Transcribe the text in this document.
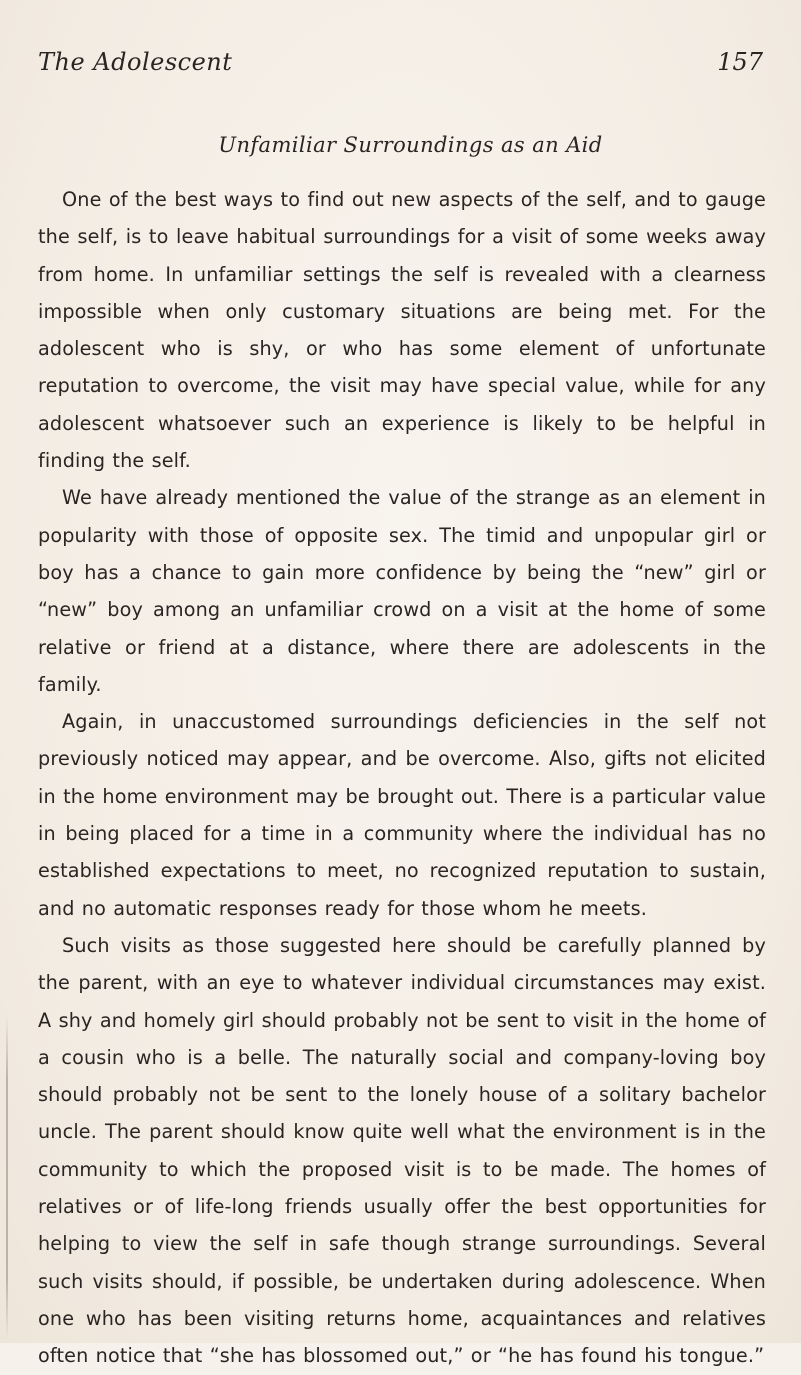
The Adolescent	157
Unfamiliar Surroundings as an Aid

One of the best ways to find out new aspects of the self, and to gauge the self, is to leave habitual surroundings for a visit of some weeks away from home. In unfamiliar settings the self is revealed with a clearness impossible when only customary situations are being met. For the adolescent who is shy, or who has some element of unfortunate reputation to overcome, the visit may have special value, while for any adolescent whatsoever such an experience is likely to be helpful in finding the self.

We have already mentioned the value of the strange as an element in popularity with those of opposite sex. The timid and unpopular girl or boy has a chance to gain more confidence by being the “new” girl or “new” boy among an unfamiliar crowd on a visit at the home of some relative or friend at a distance, where there are adolescents in the family.

Again, in unaccustomed surroundings deficiencies in the self not previously noticed may appear, and be overcome. Also, gifts not elicited in the home environment may be brought out. There is a particular value in being placed for a time in a community where the individual has no established expectations to meet, no recognized reputation to sustain, and no automatic responses ready for those whom he meets.

Such visits as those suggested here should be carefully planned by the parent, with an eye to whatever individual circumstances may exist. A shy and homely girl should probably not be sent to visit in the home of a cousin who is a belle. The naturally social and company-loving boy should probably not be sent to the lonely house of a solitary bachelor uncle. The parent should know quite well what the environment is in the community to which the proposed visit is to be made. The homes of relatives or of life-long friends usually offer the best opportunities for helping to view the self in safe though strange surroundings. Several such visits should, if possible, be undertaken during adolescence. When one who has been visiting returns home, acquaintances and relatives often notice that “she has blossomed out,” or “he has found his tongue.”
